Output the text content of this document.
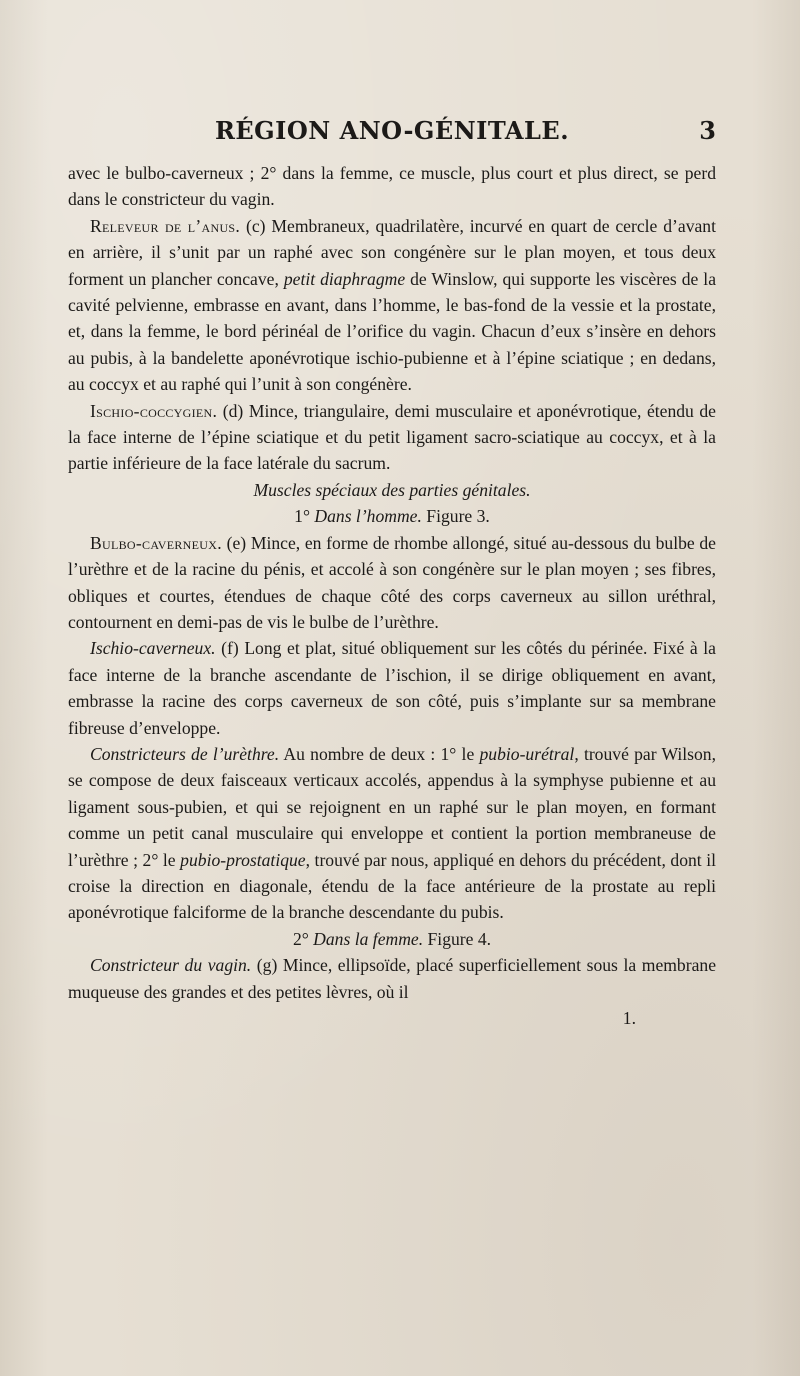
RÉGION ANO-GÉNITALE.	3

avec le bulbo-caverneux ; 2° dans la femme, ce muscle, plus court et plus direct, se perd dans le constricteur du vagin.

Releveur de l’anus. (c) Membraneux, quadrilatère, incurvé en quart de cercle d’avant en arrière, il s’unit par un raphé avec son congénère sur le plan moyen, et tous deux forment un plancher concave, petit diaphragme de Winslow, qui supporte les viscères de la cavité pelvienne, embrasse en avant, dans l’homme, le bas-fond de la vessie et la prostate, et, dans la femme, le bord périnéal de l’orifice du vagin. Chacun d’eux s’insère en dehors au pubis, à la bandelette aponévrotique ischio-pubienne et à l’épine sciatique ; en dedans, au coccyx et au raphé qui l’unit à son congénère.

Ischio-coccygien. (d) Mince, triangulaire, demi musculaire et aponévrotique, étendu de la face interne de l’épine sciatique et du petit ligament sacro-sciatique au coccyx, et à la partie inférieure de la face latérale du sacrum.

Muscles spéciaux des parties génitales.

1° Dans l’homme. Figure 3.

Bulbo-caverneux. (e) Mince, en forme de rhombe allongé, situé au-dessous du bulbe de l’urèthre et de la racine du pénis, et accolé à son congénère sur le plan moyen ; ses fibres, obliques et courtes, étendues de chaque côté des corps caverneux au sillon uréthral, contournent en demi-pas de vis le bulbe de l’urèthre.

Ischio-caverneux. (f) Long et plat, situé obliquement sur les côtés du périnée. Fixé à la face interne de la branche ascendante de l’ischion, il se dirige obliquement en avant, embrasse la racine des corps caverneux de son côté, puis s’implante sur sa membrane fibreuse d’enveloppe.

Constricteurs de l’urèthre. Au nombre de deux : 1° le pubio-urétral, trouvé par Wilson, se compose de deux faisceaux verticaux accolés, appendus à la symphyse pubienne et au ligament sous-pubien, et qui se rejoignent en un raphé sur le plan moyen, en formant comme un petit canal musculaire qui enveloppe et contient la portion membraneuse de l’urèthre ; 2° le pubio-prostatique, trouvé par nous, appliqué en dehors du précédent, dont il croise la direction en diagonale, étendu de la face antérieure de la prostate au repli aponévrotique falciforme de la branche descendante du pubis.

2° Dans la femme. Figure 4.

Constricteur du vagin. (g) Mince, ellipsoïde, placé superficiellement sous la membrane muqueuse des grandes et des petites lèvres, où il

1.
